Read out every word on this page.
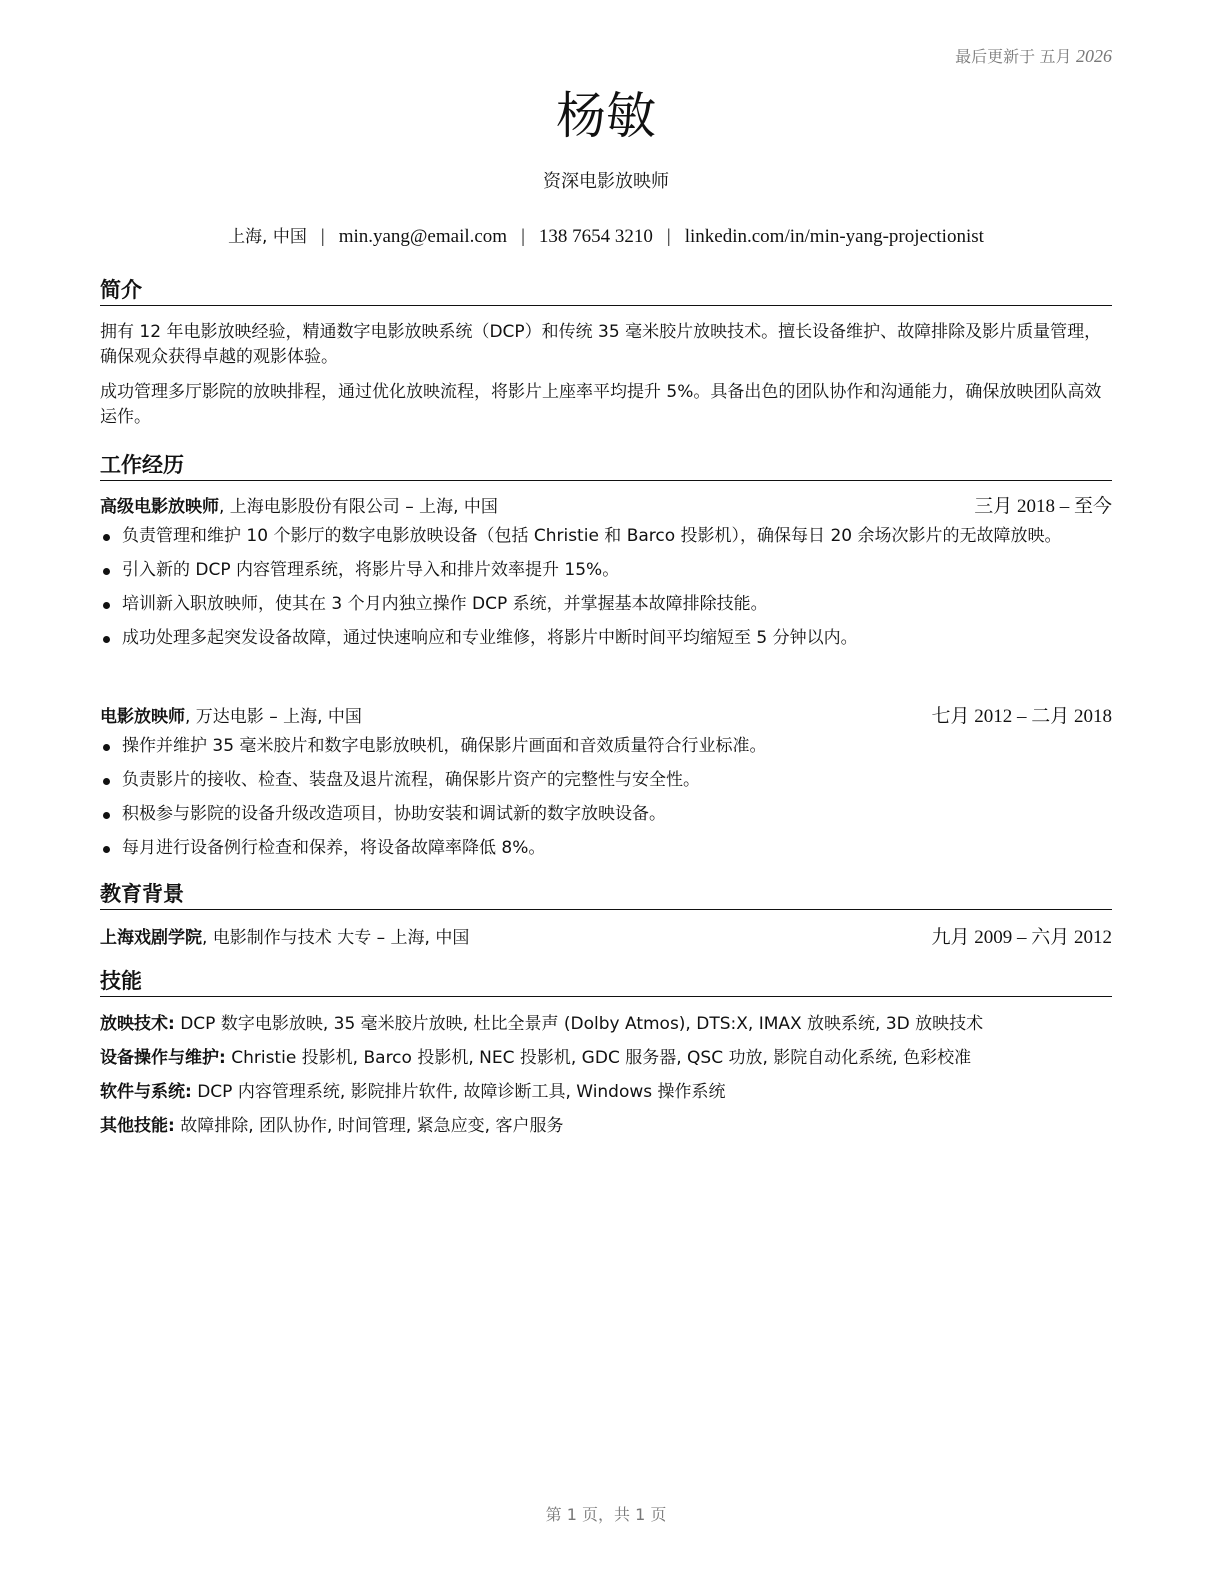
最后更新于 五月 2026
杨敏
资深电影放映师
上海, 中国 | min.yang@email.com | 138 7654 3210 | linkedin.com/in/min-yang-projectionist
简介

拥有 12 年电影放映经验，精通数字电影放映系统（DCP）和传统 35 毫米胶片放映技术。擅长设备维护、故障排除及影片质量管理，确保观众获得卓越的观影体验。

成功管理多厅影院的放映排程，通过优化放映流程，将影片上座率平均提升 5%。具备出色的团队协作和沟通能力，确保放映团队高效运作。

工作经历
高级电影放映师, 上海电影股份有限公司 – 上海, 中国	三月 2018 – 至今
负责管理和维护 10 个影厅的数字电影放映设备（包括 Christie 和 Barco 投影机），确保每日 20 余场次影片的无故障放映。
引入新的 DCP 内容管理系统，将影片导入和排片效率提升 15%。
培训新入职放映师，使其在 3 个月内独立操作 DCP 系统，并掌握基本故障排除技能。
成功处理多起突发设备故障，通过快速响应和专业维修，将影片中断时间平均缩短至 5 分钟以内。
电影放映师, 万达电影 – 上海, 中国	七月 2012 – 二月 2018
操作并维护 35 毫米胶片和数字电影放映机，确保影片画面和音效质量符合行业标准。
负责影片的接收、检查、装盘及退片流程，确保影片资产的完整性与安全性。
积极参与影院的设备升级改造项目，协助安装和调试新的数字放映设备。
每月进行设备例行检查和保养，将设备故障率降低 8%。
教育背景
上海戏剧学院, 电影制作与技术 大专 – 上海, 中国	九月 2009 – 六月 2012
技能
放映技术: DCP 数字电影放映, 35 毫米胶片放映, 杜比全景声 (Dolby Atmos), DTS:X, IMAX 放映系统, 3D 放映技术
设备操作与维护: Christie 投影机, Barco 投影机, NEC 投影机, GDC 服务器, QSC 功放, 影院自动化系统, 色彩校准
软件与系统: DCP 内容管理系统, 影院排片软件, 故障诊断工具, Windows 操作系统
其他技能: 故障排除, 团队协作, 时间管理, 紧急应变, 客户服务
第 1 页，共 1 页
